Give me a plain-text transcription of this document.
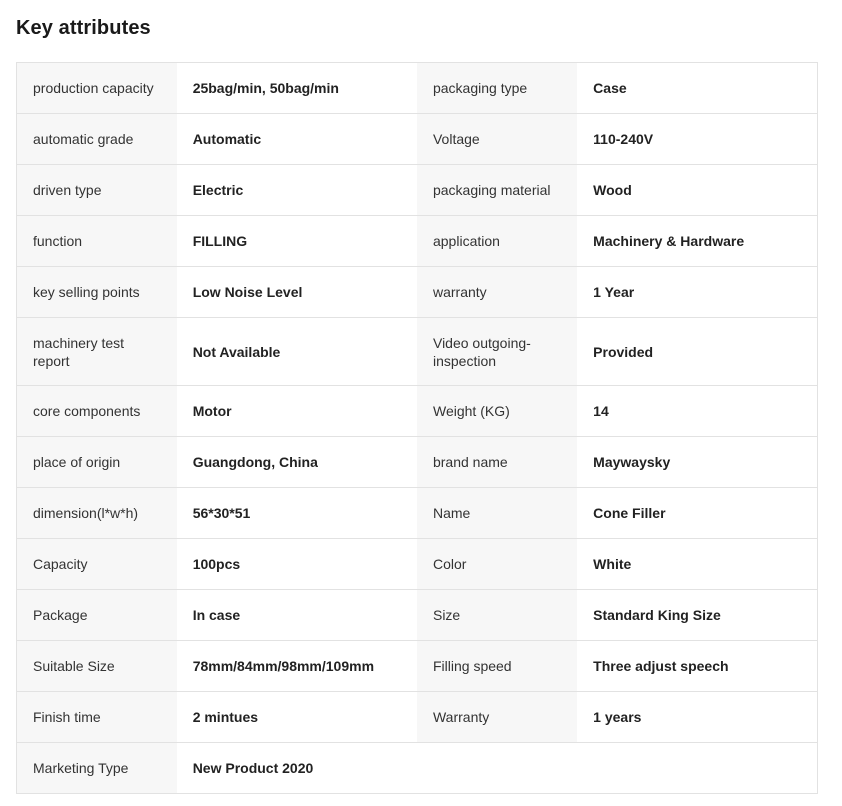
Key attributes
production capacity	25bag/min, 50bag/min	packaging type	Case
automatic grade	Automatic	Voltage	110-240V
driven type	Electric	packaging material	Wood
function	FILLING	application	Machinery & Hardware
key selling points	Low Noise Level	warranty	1 Year
machinery test report	Not Available	Video outgoing-inspection	Provided
core components	Motor	Weight (KG)	14
place of origin	Guangdong, China	brand name	Maywaysky
dimension(l*w*h)	56*30*51	Name	Cone Filler
Capacity	100pcs	Color	White
Package	In case	Size	Standard King Size
Suitable Size	78mm/84mm/98mm/109mm	Filling speed	Three adjust speech
Finish time	2 mintues	Warranty	1 years
Marketing Type	New Product 2020		
